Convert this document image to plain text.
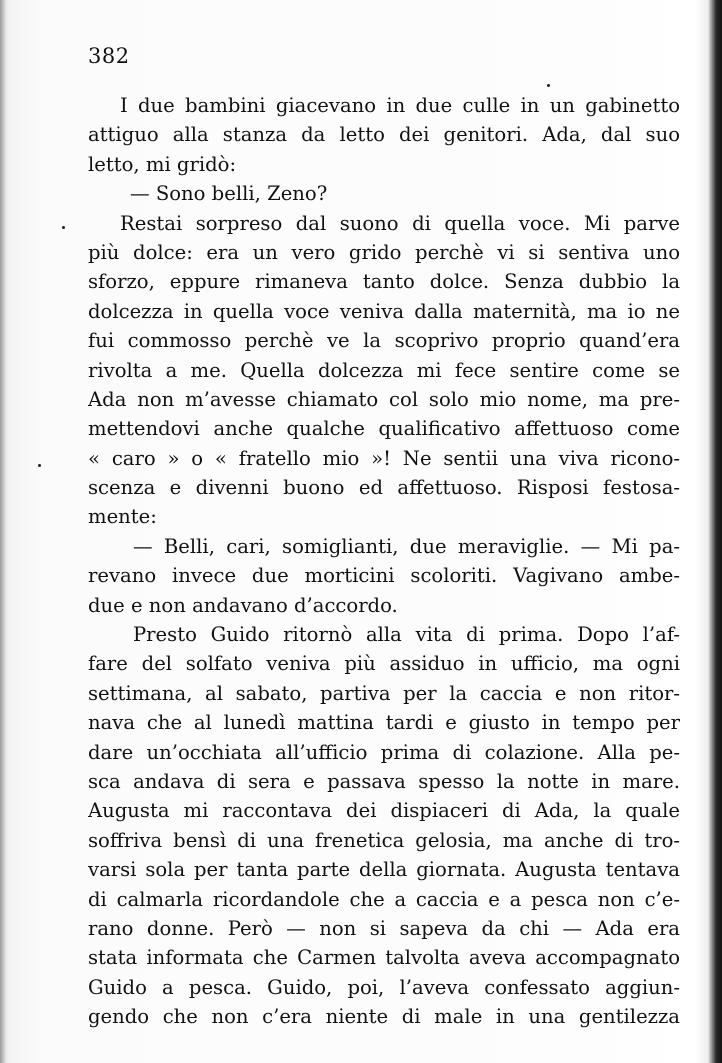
382
I due bambini giacevano in due culle in un gabinetto
attiguo alla stanza da letto dei genitori. Ada, dal suo
letto, mi gridò:
— Sono belli, Zeno?
Restai sorpreso dal suono di quella voce. Mi parve
più dolce: era un vero grido perchè vi si sentiva uno
sforzo, eppure rimaneva tanto dolce. Senza dubbio la
dolcezza in quella voce veniva dalla maternità, ma io ne
fui commosso perchè ve la scoprivo proprio quand’era
rivolta a me. Quella dolcezza mi fece sentire come se
Ada non m’avesse chiamato col solo mio nome, ma pre-
mettendovi anche qualche qualificativo affettuoso come
« caro » o « fratello mio »! Ne sentii una viva ricono-
scenza e divenni buono ed affettuoso. Risposi festosa-
mente:
— Belli, cari, somiglianti, due meraviglie. — Mi pa-
revano invece due morticini scoloriti. Vagivano ambe-
due e non andavano d’accordo.
Presto Guido ritornò alla vita di prima. Dopo l’af-
fare del solfato veniva più assiduo in ufficio, ma ogni
settimana, al sabato, partiva per la caccia e non ritor-
nava che al lunedì mattina tardi e giusto in tempo per
dare un’occhiata all’ufficio prima di colazione. Alla pe-
sca andava di sera e passava spesso la notte in mare.
Augusta mi raccontava dei dispiaceri di Ada, la quale
soffriva bensì di una frenetica gelosia, ma anche di tro-
varsi sola per tanta parte della giornata. Augusta tentava
di calmarla ricordandole che a caccia e a pesca non c’e-
rano donne. Però — non si sapeva da chi — Ada era
stata informata che Carmen talvolta aveva accompagnato
Guido a pesca. Guido, poi, l’aveva confessato aggiun-
gendo che non c’era niente di male in una gentilezza
